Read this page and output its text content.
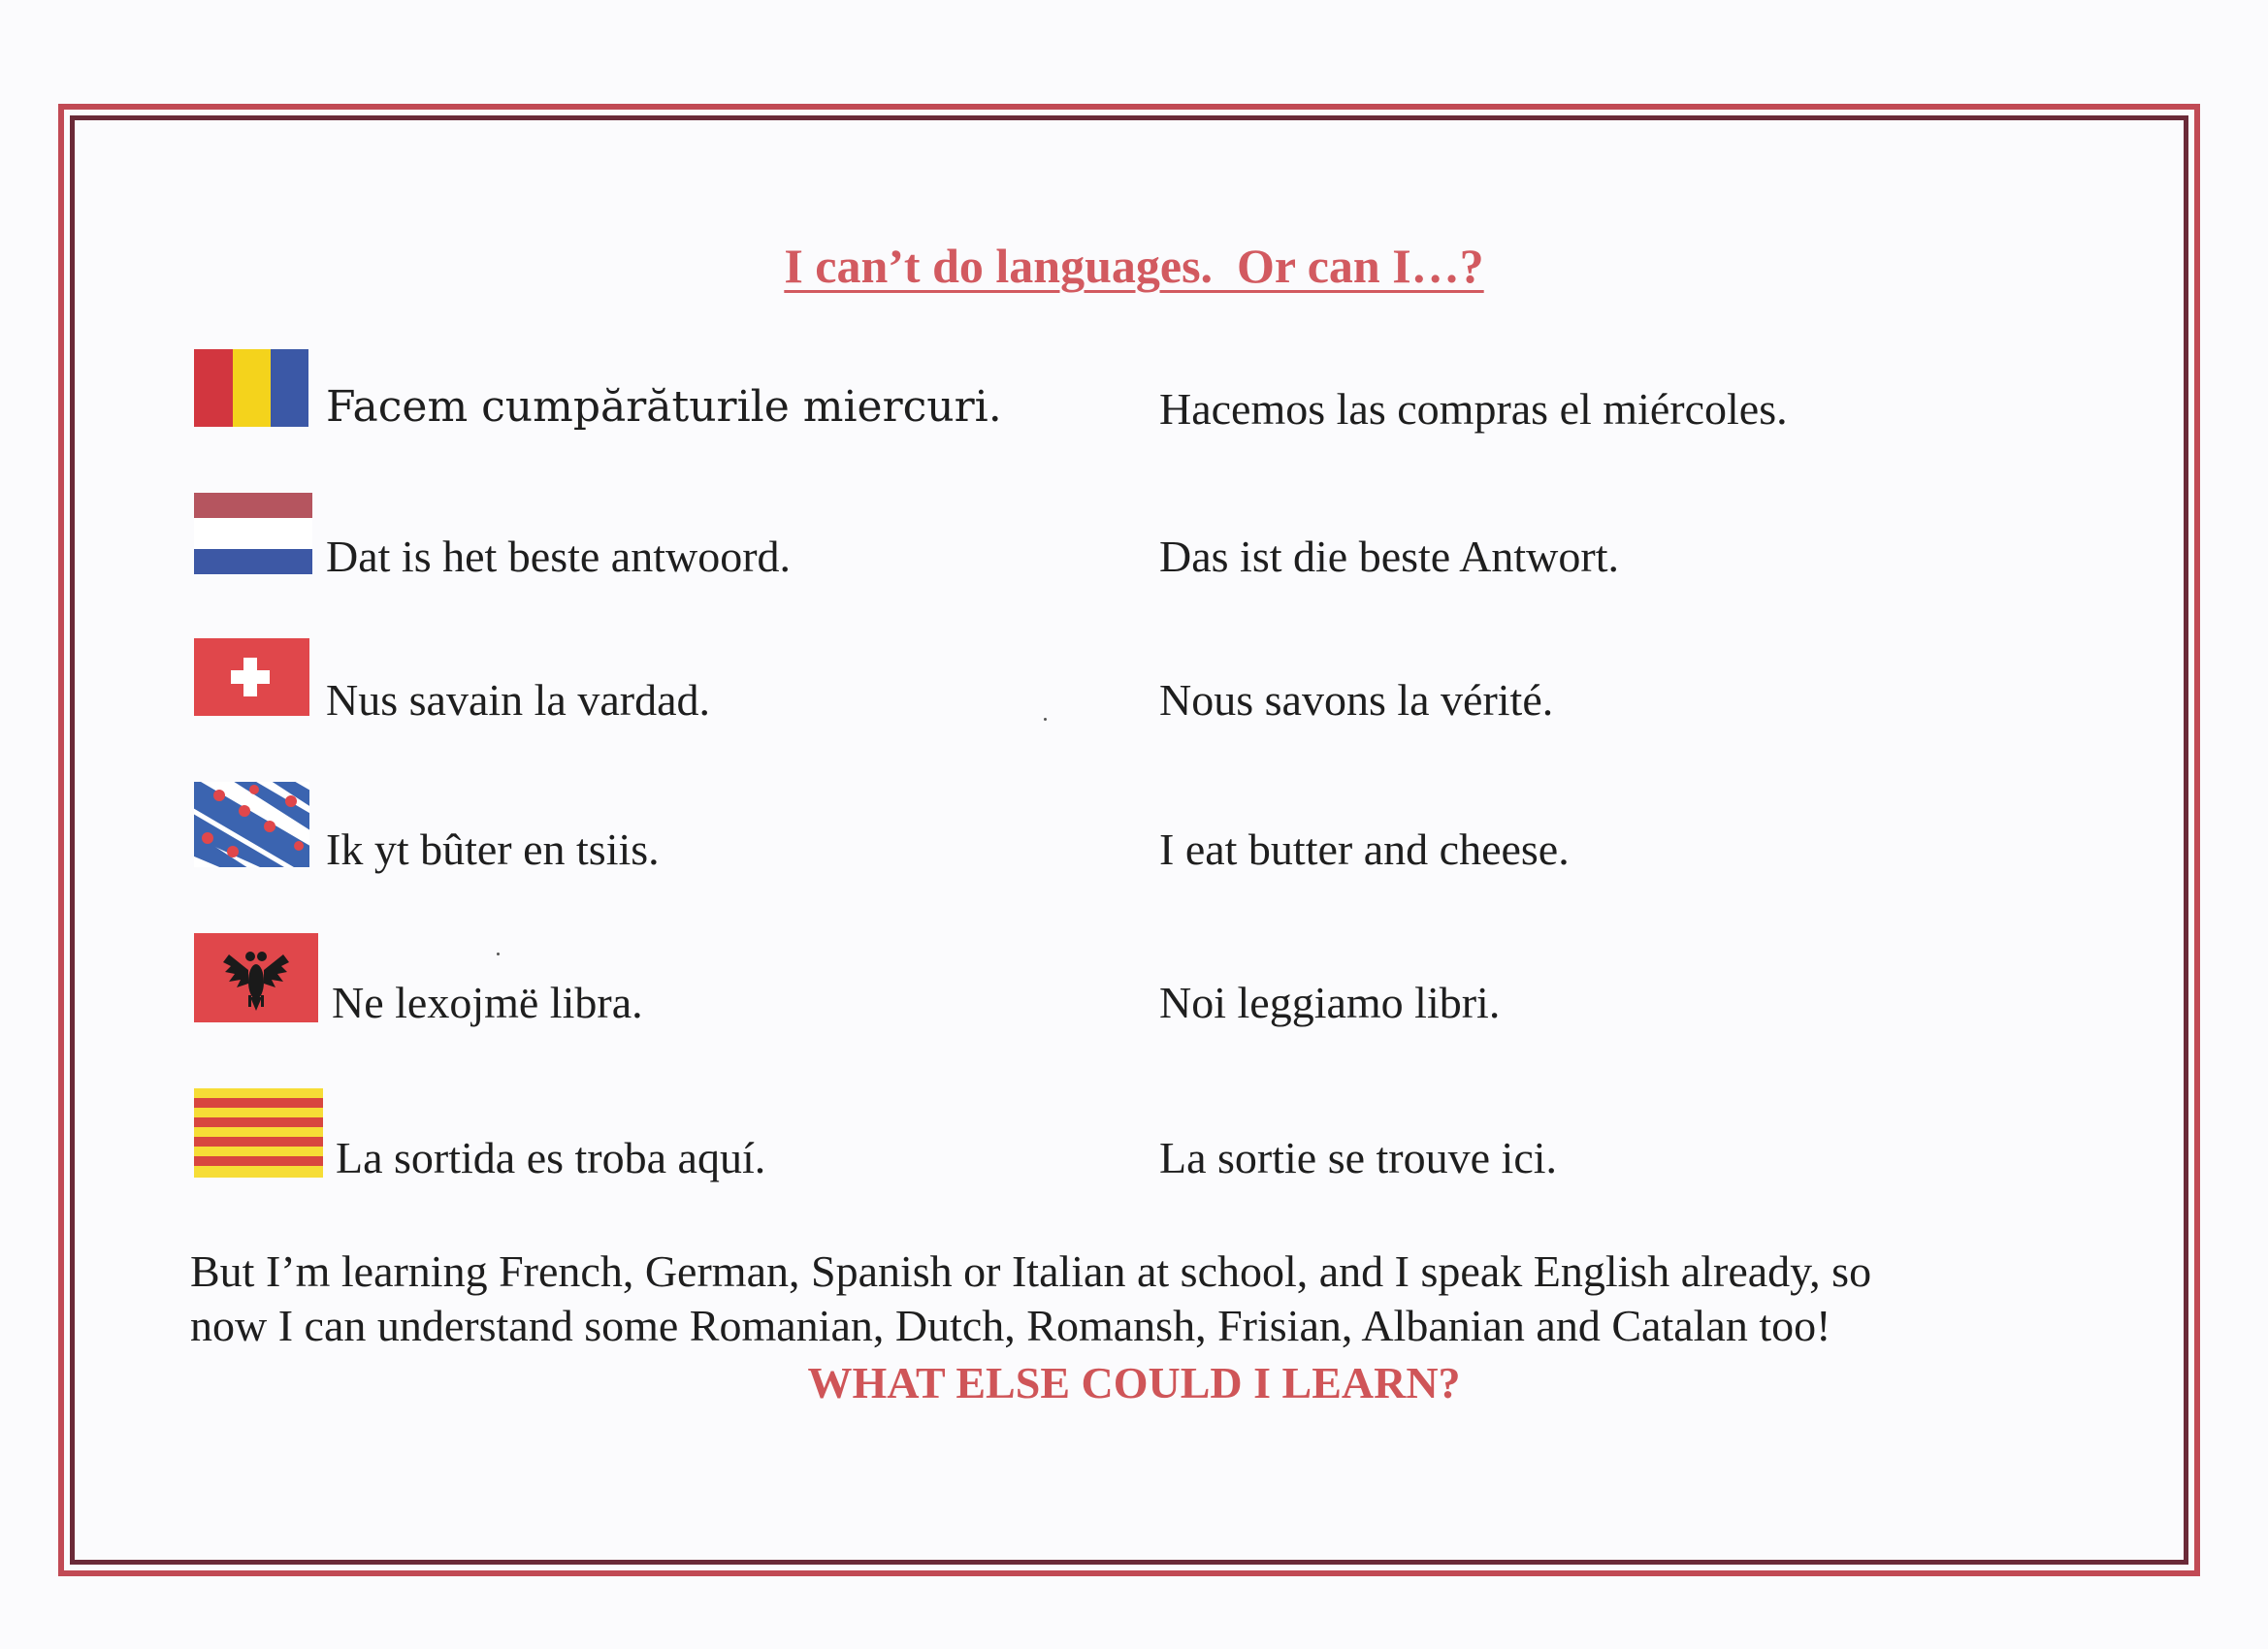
I can’t do languages.  Or can I…?
Facem cumpărăturile miercuri.	Hacemos las compras el miércoles.
Dat is het beste antwoord.	Das ist die beste Antwort.
Nus savain la vardad.	Nous savons la vérité.
Ik yt bûter en tsiis.	I eat butter and cheese.
Ne lexojmë libra.	Noi leggiamo libri.
La sortida es troba aquí.	La sortie se trouve ici.

But I’m learning French, German, Spanish or Italian at school, and I speak English already, so

now I can understand some Romanian, Dutch, Romansh, Frisian, Albanian and Catalan too!

WHAT ELSE COULD I LEARN?
